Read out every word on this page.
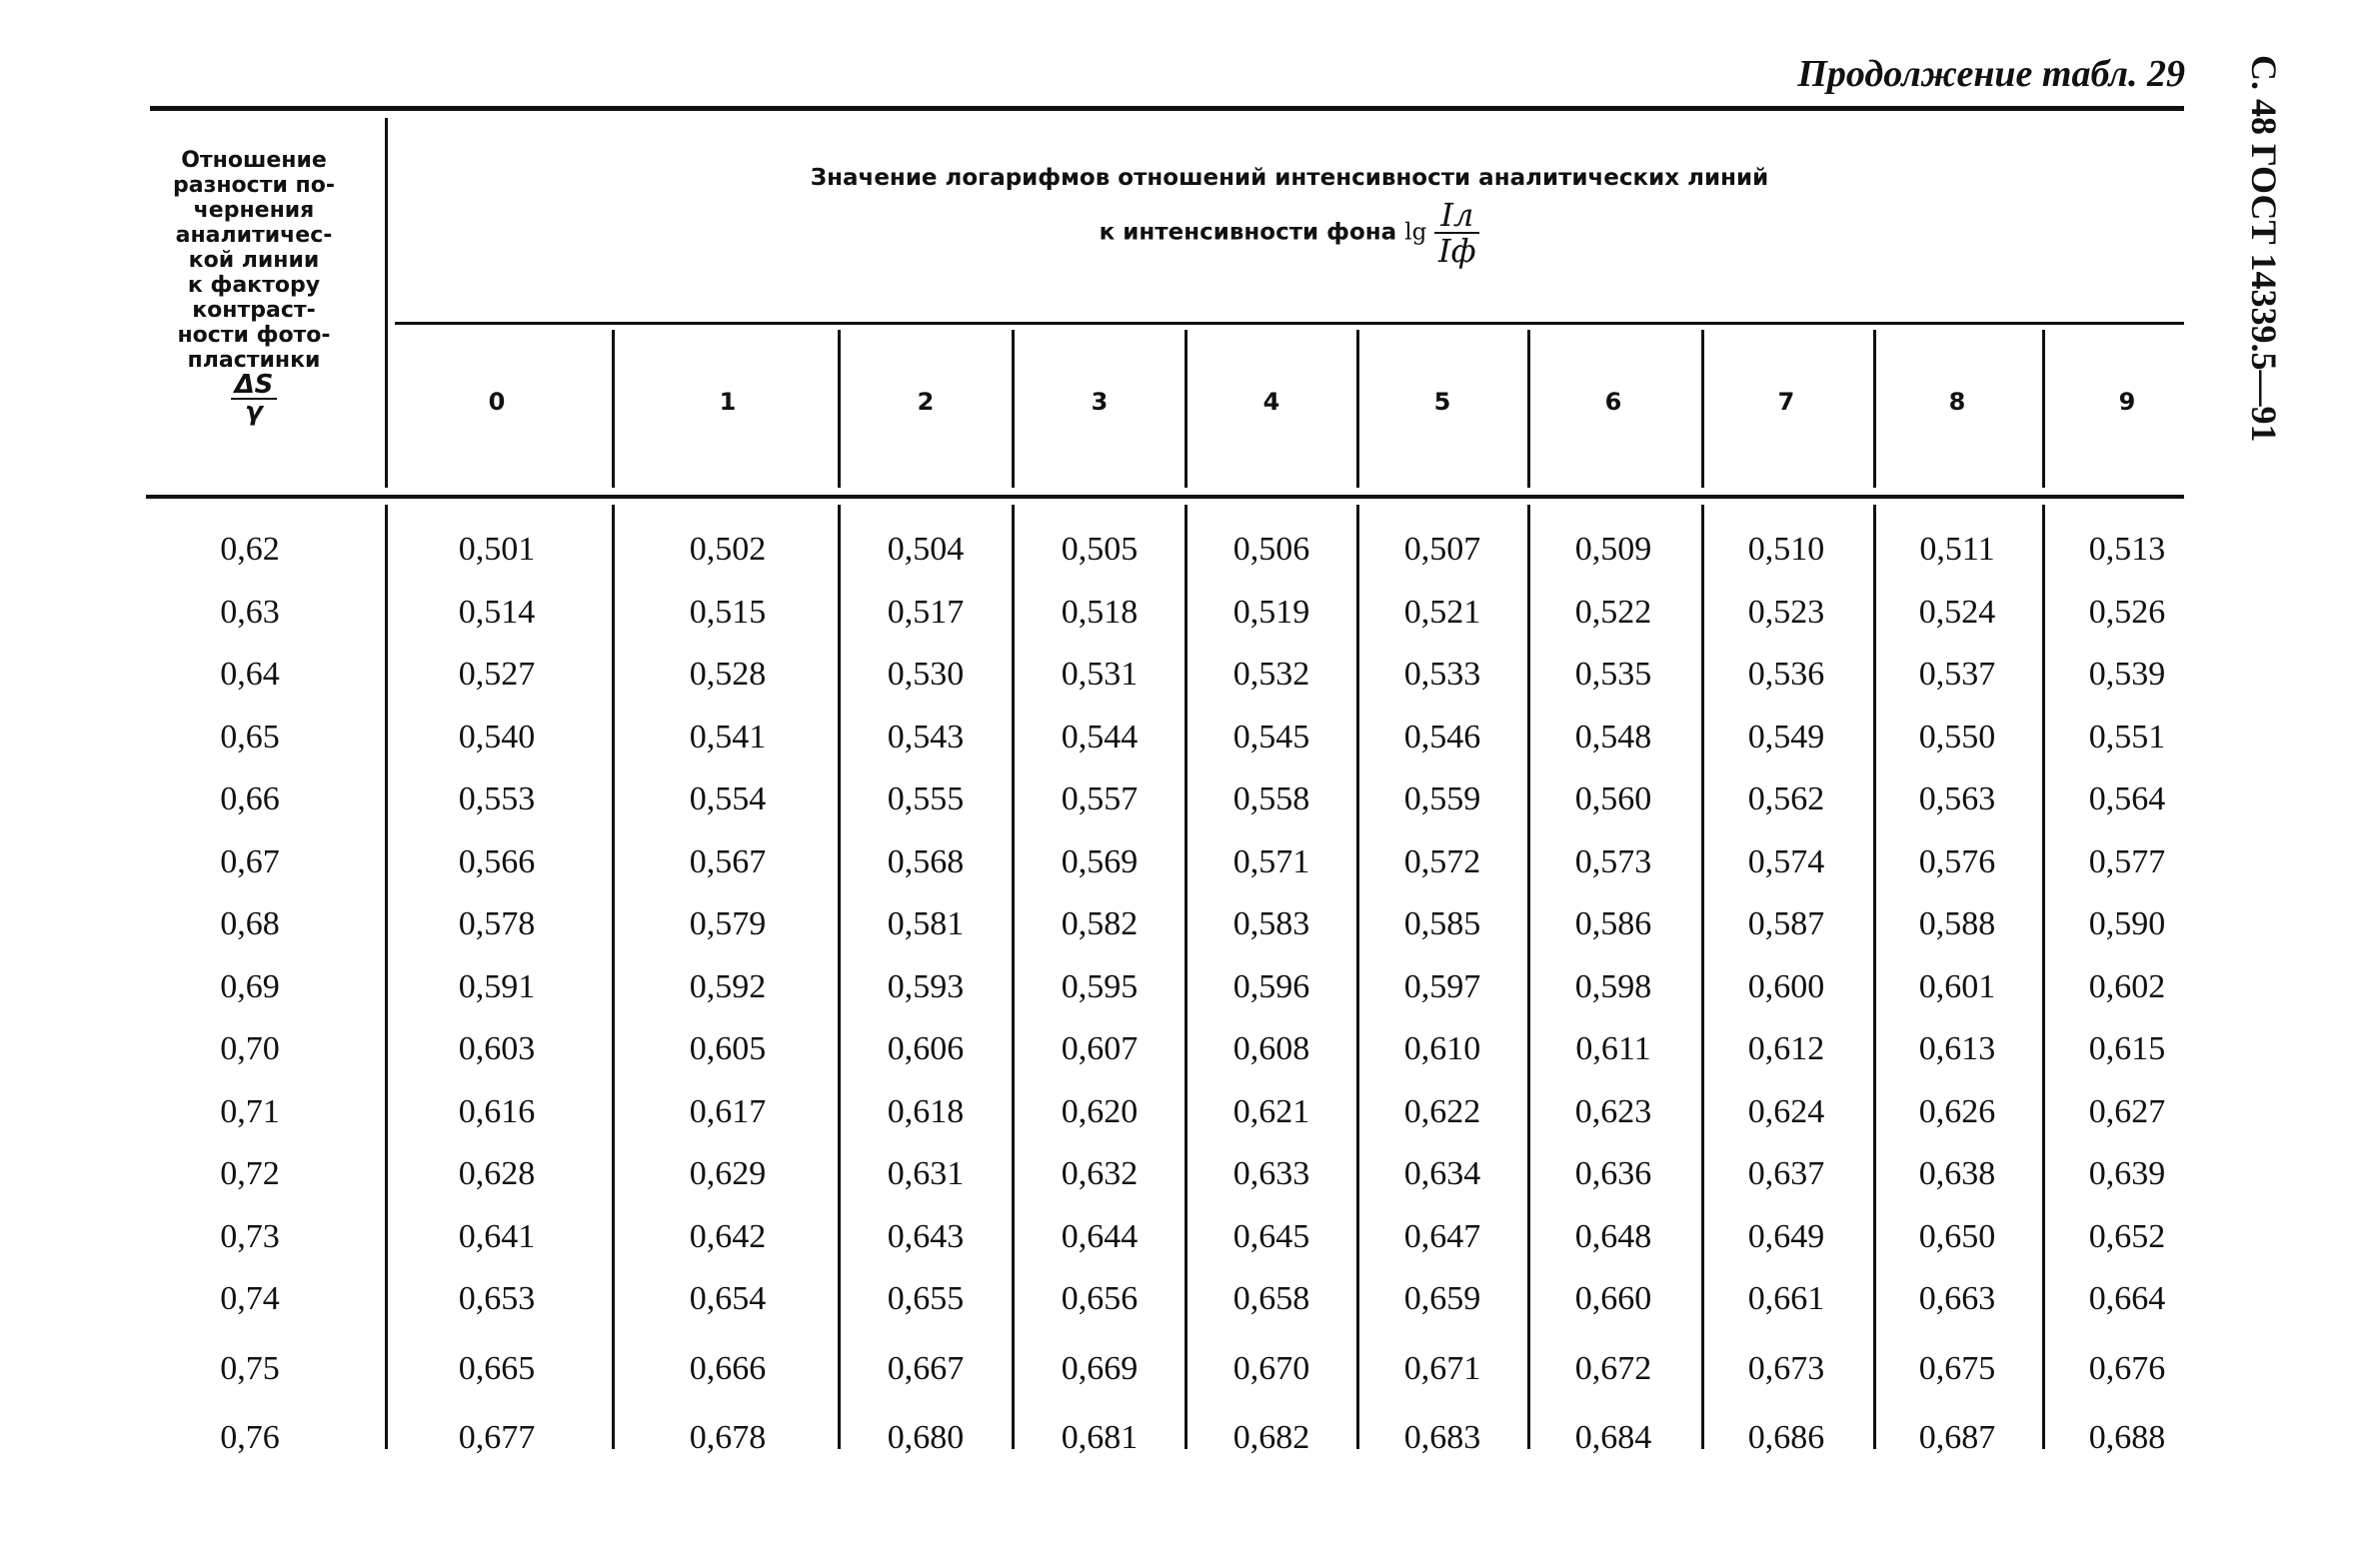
Продолжение табл. 29 С. 48 ГОСТ 14339.5—91
Отношение
разности по-
чернения
аналитичес-
кой линии
к фактору
контраст-
ности фото-
пластинки
$\frac{\Delta S}{\gamma}$
Значение логарифмов отношений интенсивности аналитических линий
к интенсивности фона $\lg \frac{Iл}{Iф}$
0	1	2	3	4	5	6	7	8	9
0,62	0,501	0,502	0,504	0,505	0,506	0,507	0,509	0,510	0,511	0,513
0,63	0,514	0,515	0,517	0,518	0,519	0,521	0,522	0,523	0,524	0,526
0,64	0,527	0,528	0,530	0,531	0,532	0,533	0,535	0,536	0,537	0,539
0,65	0,540	0,541	0,543	0,544	0,545	0,546	0,548	0,549	0,550	0,551
0,66	0,553	0,554	0,555	0,557	0,558	0,559	0,560	0,562	0,563	0,564
0,67	0,566	0,567	0,568	0,569	0,571	0,572	0,573	0,574	0,576	0,577
0,68	0,578	0,579	0,581	0,582	0,583	0,585	0,586	0,587	0,588	0,590
0,69	0,591	0,592	0,593	0,595	0,596	0,597	0,598	0,600	0,601	0,602
0,70	0,603	0,605	0,606	0,607	0,608	0,610	0,611	0,612	0,613	0,615
0,71	0,616	0,617	0,618	0,620	0,621	0,622	0,623	0,624	0,626	0,627
0,72	0,628	0,629	0,631	0,632	0,633	0,634	0,636	0,637	0,638	0,639
0,73	0,641	0,642	0,643	0,644	0,645	0,647	0,648	0,649	0,650	0,652
0,74	0,653	0,654	0,655	0,656	0,658	0,659	0,660	0,661	0,663	0,664
0,75	0,665	0,666	0,667	0,669	0,670	0,671	0,672	0,673	0,675	0,676
0,76	0,677	0,678	0,680	0,681	0,682	0,683	0,684	0,686	0,687	0,688
